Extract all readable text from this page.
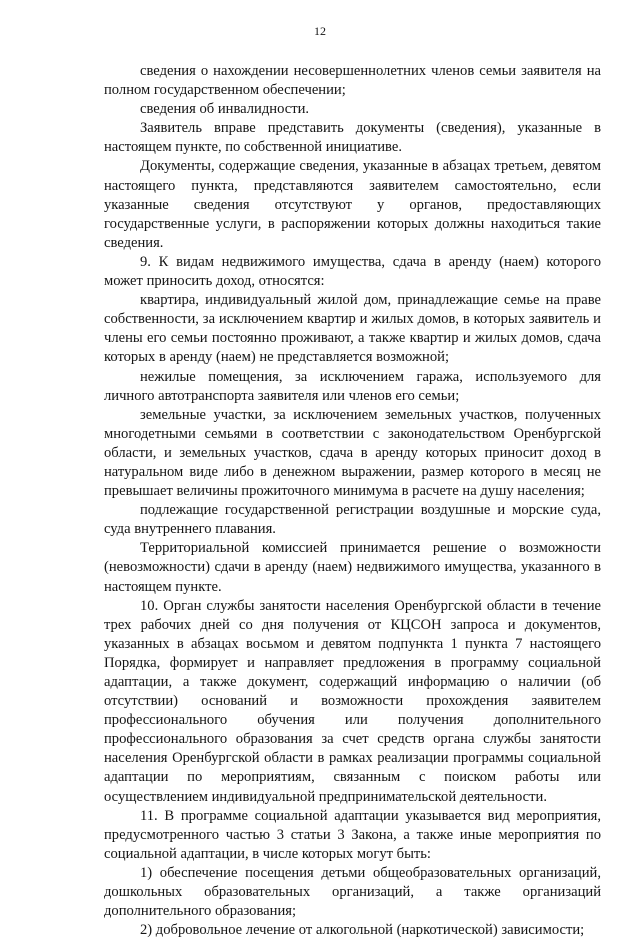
12

сведения о нахождении несовершеннолетних членов семьи заявителя на полном государственном обеспечении;

сведения об инвалидности.

Заявитель вправе представить документы (сведения), указанные в настоящем пункте, по собственной инициативе.

Документы, содержащие сведения, указанные в абзацах третьем, девятом настоящего пункта, представляются заявителем самостоятельно, если указанные сведения отсутствуют у органов, предоставляющих государственные услуги, в распоряжении которых должны находиться такие сведения.

9. К видам недвижимого имущества, сдача в аренду (наем) которого может приносить доход, относятся:

квартира, индивидуальный жилой дом, принадлежащие семье на праве собственности, за исключением квартир и жилых домов, в которых заявитель и члены его семьи постоянно проживают, а также квартир и жилых домов, сдача которых в аренду (наем) не представляется возможной;

нежилые помещения, за исключением гаража, используемого для личного автотранспорта заявителя или членов его семьи;

земельные участки, за исключением земельных участков, полученных многодетными семьями в соответствии с законодательством Оренбургской области, и земельных участков, сдача в аренду которых приносит доход в натуральном виде либо в денежном выражении, размер которого в месяц не превышает величины прожиточного минимума в расчете на душу населения;

подлежащие государственной регистрации воздушные и морские суда, суда внутреннего плавания.

Территориальной комиссией принимается решение о возможности (невозможности) сдачи в аренду (наем) недвижимого имущества, указанного в настоящем пункте.

10. Орган службы занятости населения Оренбургской области в течение трех рабочих дней со дня получения от КЦСОН запроса и документов, указанных в абзацах восьмом и девятом подпункта 1 пункта 7 настоящего Порядка, формирует и направляет предложения в программу социальной адаптации, а также документ, содержащий информацию о наличии (об отсутствии) оснований и возможности прохождения заявителем профессионального обучения или получения дополнительного профессионального образования за счет средств органа службы занятости населения Оренбургской области в рамках реализации программы социальной адаптации по мероприятиям, связанным с поиском работы или осуществлением индивидуальной предпринимательской деятельности.

11. В программе социальной адаптации указывается вид мероприятия, предусмотренного частью 3 статьи 3 Закона, а также иные мероприятия по социальной адаптации, в числе которых могут быть:

1) обеспечение посещения детьми общеобразовательных организаций, дошкольных образовательных организаций, а также организаций дополнительного образования;

2) добровольное лечение от алкогольной (наркотической) зависимости;
